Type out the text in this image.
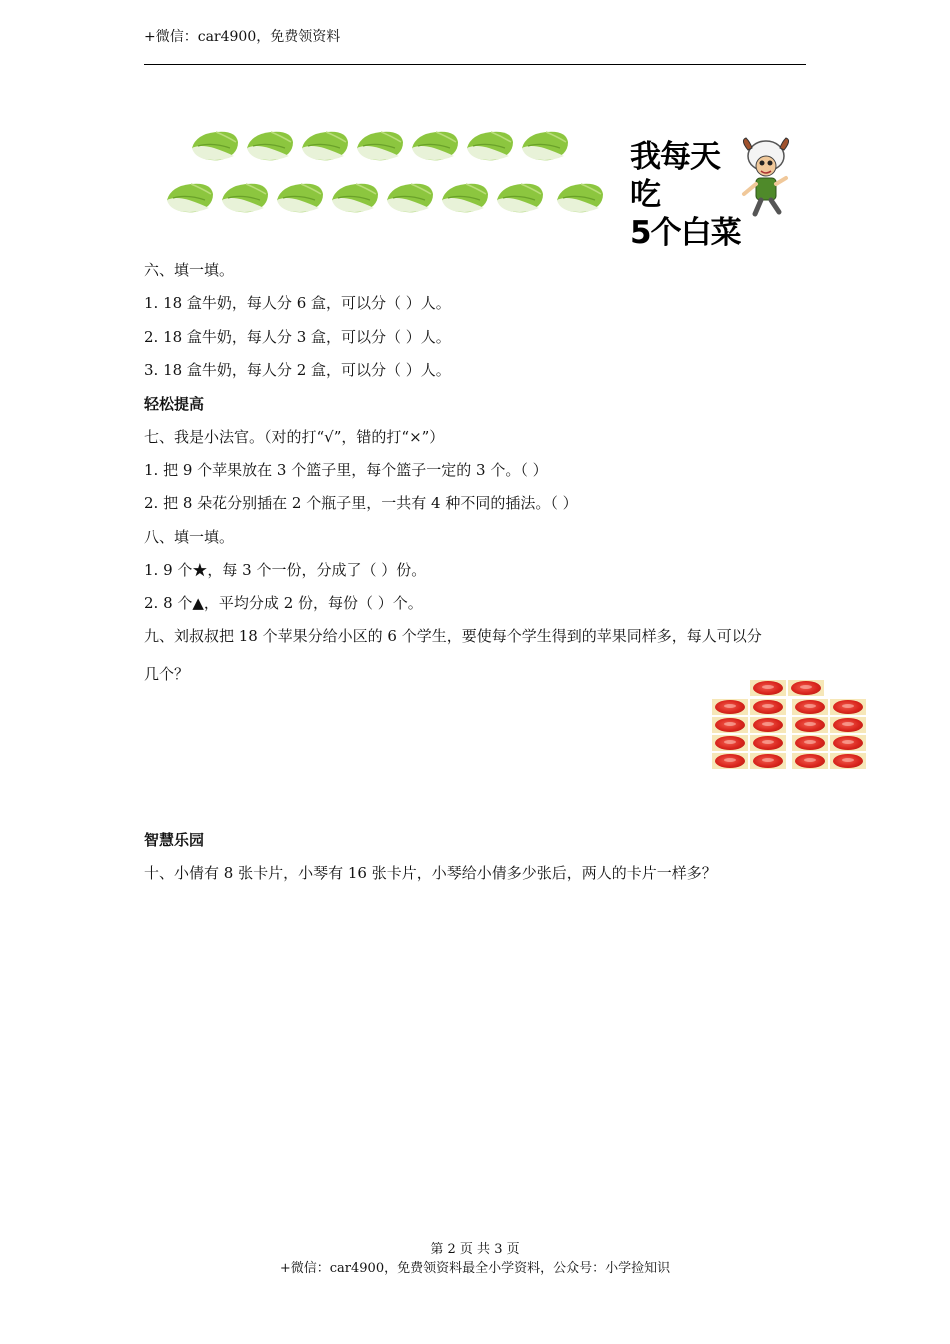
+微信：car4900，免费领资料
我每天吃
5个白菜
六、填一填。
1. 18 盒牛奶，每人分 6 盒，可以分（ ）人。
2. 18 盒牛奶，每人分 3 盒，可以分（ ）人。
3. 18 盒牛奶，每人分 2 盒，可以分（ ）人。
轻松提高
七、我是小法官。（对的打“√”，错的打“×”）
1. 把 9 个苹果放在 3 个篮子里，每个篮子一定的 3 个。（ ）
2. 把 8 朵花分别插在 2 个瓶子里，一共有 4 种不同的插法。（ ）
八、填一填。
1. 9 个★，每 3 个一份，分成了（ ）份。
2. 8 个▲，平均分成 2 份，每份（ ）个。
九、刘叔叔把 18 个苹果分给小区的 6 个学生，要使每个学生得到的苹果同样多，每人可以分
几个？
智慧乐园
十、小倩有 8 张卡片，小琴有 16 张卡片，小琴给小倩多少张后，两人的卡片一样多？
第 2 页 共 3 页
+微信：car4900，免费领资料最全小学资料，公众号：小学捡知识
